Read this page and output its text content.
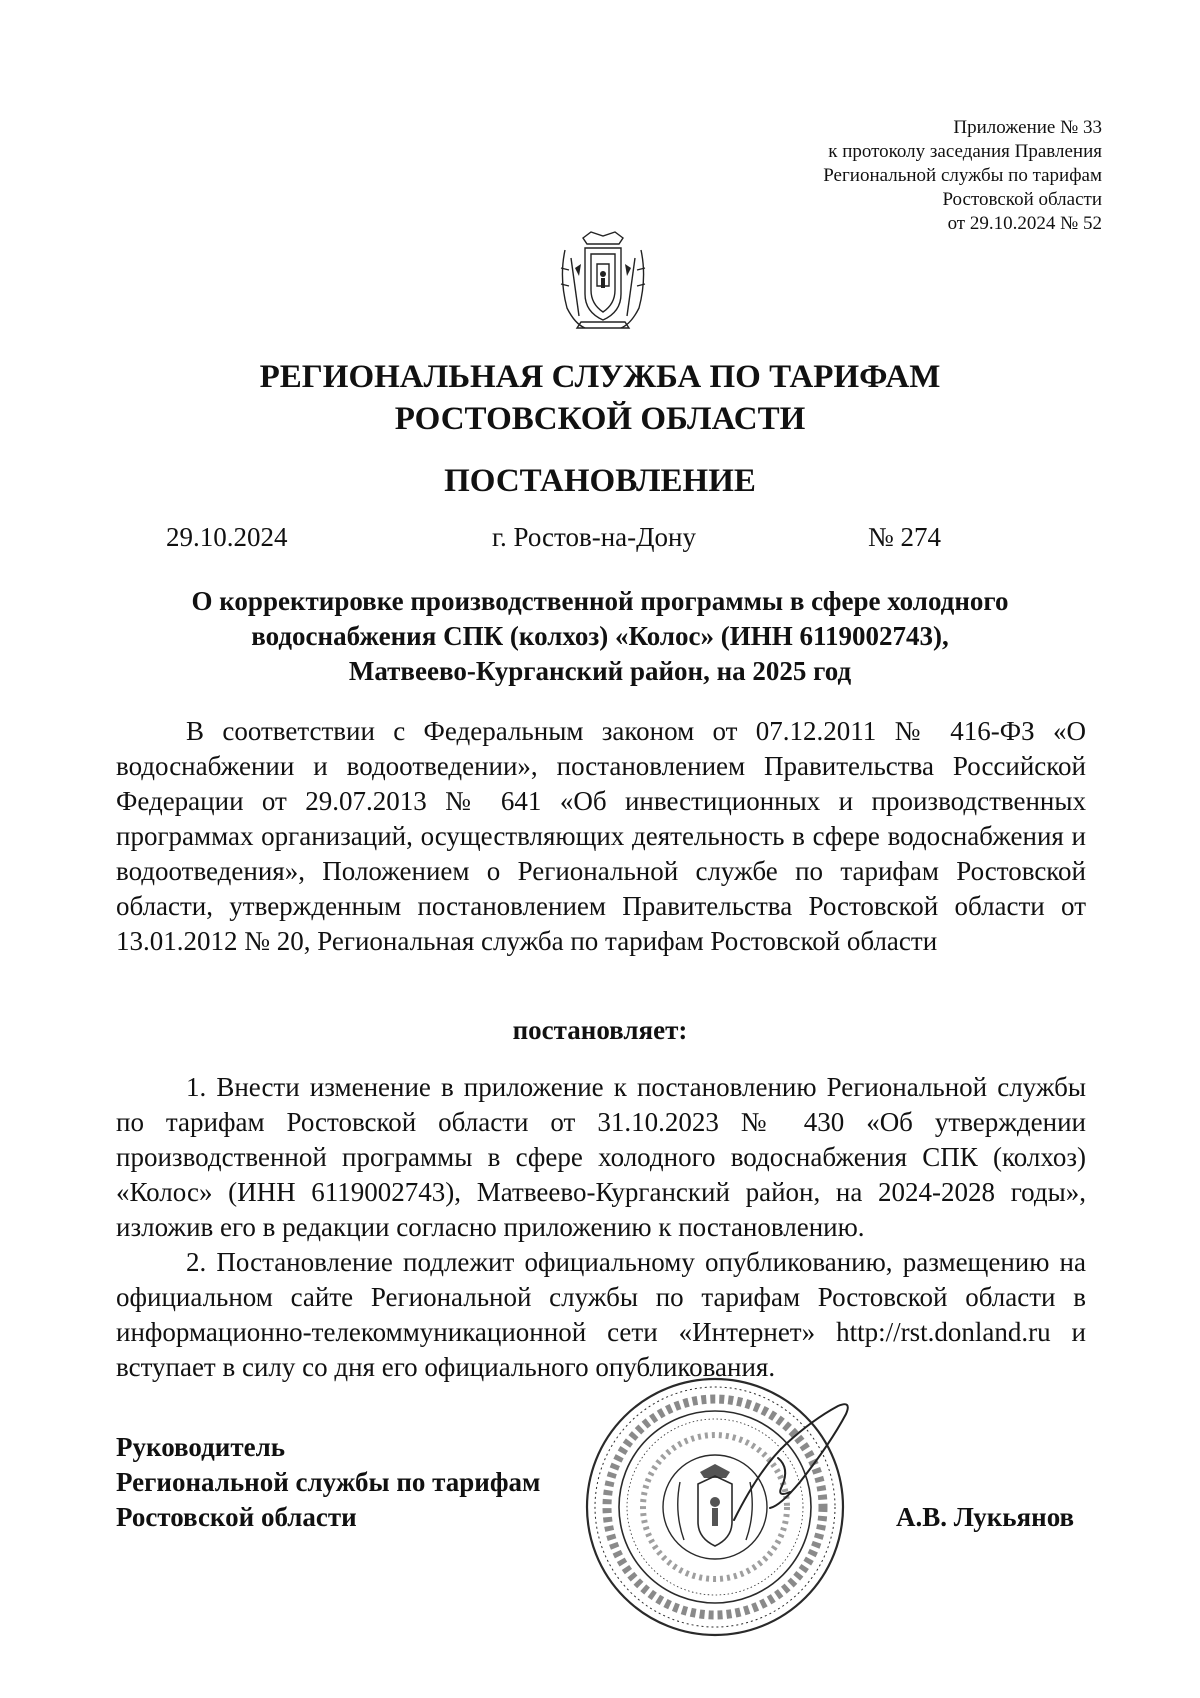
Приложение № 33
к протоколу заседания Правления
Региональной службы по тарифам
Ростовской области
от 29.10.2024 № 52
РЕГИОНАЛЬНАЯ СЛУЖБА ПО ТАРИФАМ
РОСТОВСКОЙ ОБЛАСТИ
ПОСТАНОВЛЕНИЕ
29.10.2024	г. Ростов-на-Дону	№ 274
О корректировке производственной программы в сфере холодного
водоснабжения СПК (колхоз) «Колос» (ИНН 6119002743),
Матвеево-Курганский район, на 2025 год

В соответствии с Федеральным законом от 07.12.2011 № 416-ФЗ «О водоснабжении и водоотведении», постановлением Правительства Российской Федерации от 29.07.2013 № 641 «Об инвестиционных и производственных программах организаций, осуществляющих деятельность в сфере водоснабжения и водоотведения», Положением о Региональной службе по тарифам Ростовской области, утвержденным постановлением Правительства Ростовской области от 13.01.2012 № 20, Региональная служба по тарифам Ростовской области

постановляет:

1. Внести изменение в приложение к постановлению Региональной службы по тарифам Ростовской области от 31.10.2023 № 430 «Об утверждении производственной программы в сфере холодного водоснабжения СПК (колхоз) «Колос» (ИНН 6119002743), Матвеево-Курганский район, на 2024-2028 годы», изложив его в редакции согласно приложению к постановлению.

2. Постановление подлежит официальному опубликованию, размещению на официальном сайте Региональной службы по тарифам Ростовской области в информационно-телекоммуникационной сети «Интернет» http://rst.donland.ru и вступает в силу со дня его официального опубликования.

Руководитель
Региональной службы по тарифам
Ростовской области	А.В. Лукьянов
